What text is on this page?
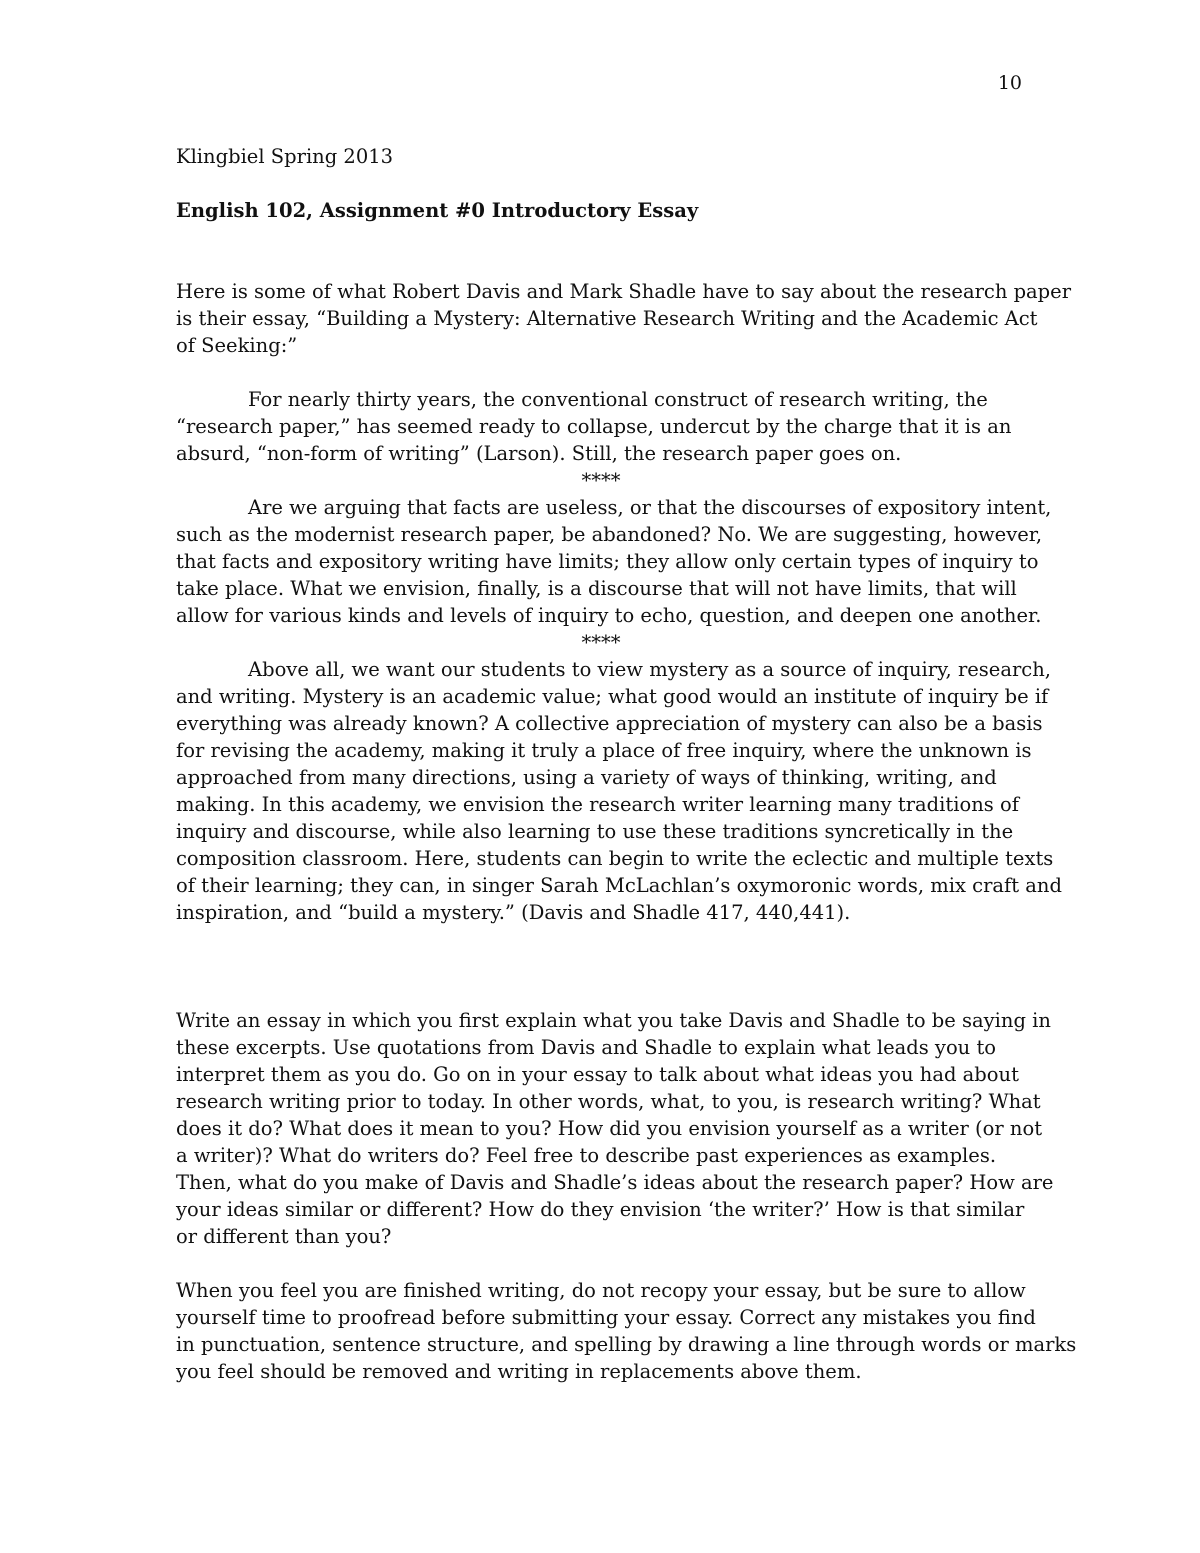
10

Klingbiel Spring 2013

English 102, Assignment #0 Introductory Essay

Here is some of what Robert Davis and Mark Shadle have to say about the research paper
is their essay, “Building a Mystery: Alternative Research Writing and the Academic Act
of Seeking:”

For nearly thirty years, the conventional construct of research writing, the
“research paper,” has seemed ready to collapse, undercut by the charge that it is an
absurd, “non-form of writing” (Larson). Still, the research paper goes on.

****

Are we arguing that facts are useless, or that the discourses of expository intent,
such as the modernist research paper, be abandoned? No. We are suggesting, however,
that facts and expository writing have limits; they allow only certain types of inquiry to
take place. What we envision, finally, is a discourse that will not have limits, that will
allow for various kinds and levels of inquiry to echo, question, and deepen one another.

****

Above all, we want our students to view mystery as a source of inquiry, research,
and writing. Mystery is an academic value; what good would an institute of inquiry be if
everything was already known? A collective appreciation of mystery can also be a basis
for revising the academy, making it truly a place of free inquiry, where the unknown is
approached from many directions, using a variety of ways of thinking, writing, and
making. In this academy, we envision the research writer learning many traditions of
inquiry and discourse, while also learning to use these traditions syncretically in the
composition classroom. Here, students can begin to write the eclectic and multiple texts
of their learning; they can, in singer Sarah McLachlan’s oxymoronic words, mix craft and
inspiration, and “build a mystery.” (Davis and Shadle 417, 440,441).

Write an essay in which you first explain what you take Davis and Shadle to be saying in
these excerpts. Use quotations from Davis and Shadle to explain what leads you to
interpret them as you do. Go on in your essay to talk about what ideas you had about
research writing prior to today. In other words, what, to you, is research writing? What
does it do? What does it mean to you? How did you envision yourself as a writer (or not
a writer)? What do writers do? Feel free to describe past experiences as examples.
Then, what do you make of Davis and Shadle’s ideas about the research paper? How are
your ideas similar or different? How do they envision ‘the writer?’ How is that similar
or different than you?

When you feel you are finished writing, do not recopy your essay, but be sure to allow
yourself time to proofread before submitting your essay. Correct any mistakes you find
in punctuation, sentence structure, and spelling by drawing a line through words or marks
you feel should be removed and writing in replacements above them.
